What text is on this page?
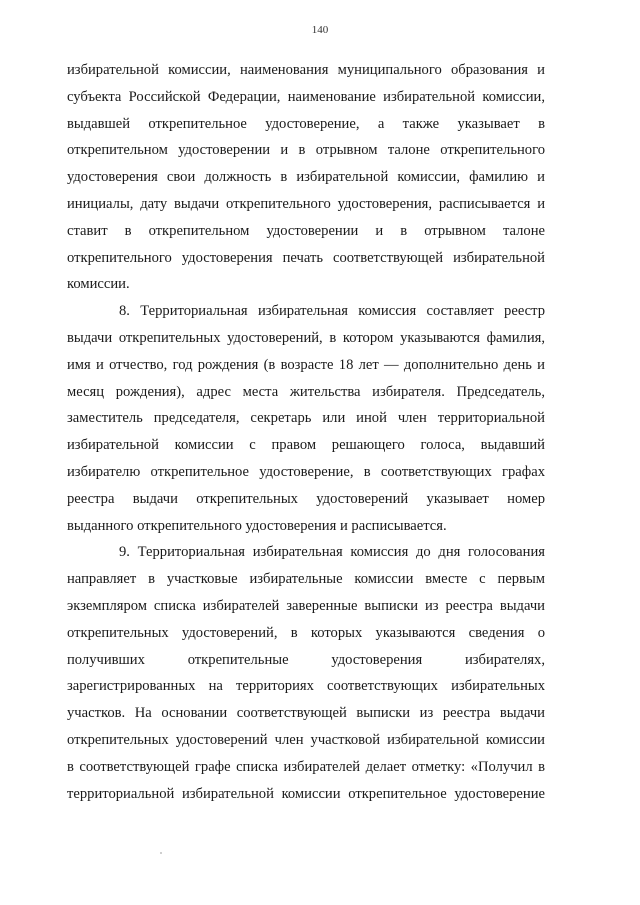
140
избирательной комиссии, наименования муниципального образования и
субъекта Российской Федерации, наименование избирательной комиссии,
выдавшей открепительное удостоверение, а также указывает в
открепительном удостоверении и в отрывном талоне открепительного
удостоверения свои должность в избирательной комиссии, фамилию и
инициалы, дату выдачи открепительного удостоверения, расписывается и
ставит в открепительном удостоверении и в отрывном талоне
открепительного удостоверения печать соответствующей избирательной
комиссии.
8. Территориальная избирательная комиссия составляет реестр
выдачи открепительных удостоверений, в котором указываются фамилия,
имя и отчество, год рождения (в возрасте 18 лет — дополнительно день и
месяц рождения), адрес места жительства избирателя. Председатель,
заместитель председателя, секретарь или иной член территориальной
избирательной комиссии с правом решающего голоса, выдавший
избирателю открепительное удостоверение, в соответствующих графах
реестра выдачи открепительных удостоверений указывает номер
выданного открепительного удостоверения и расписывается.
9. Территориальная избирательная комиссия до дня голосования
направляет в участковые избирательные комиссии вместе с первым
экземпляром списка избирателей заверенные выписки из реестра выдачи
открепительных удостоверений, в которых указываются сведения о
получивших открепительные удостоверения избирателях,
зарегистрированных на территориях соответствующих избирательных
участков. На основании соответствующей выписки из реестра выдачи
открепительных удостоверений член участковой избирательной комиссии
в соответствующей графе списка избирателей делает отметку: «Получил в
территориальной избирательной комиссии открепительное удостоверение
